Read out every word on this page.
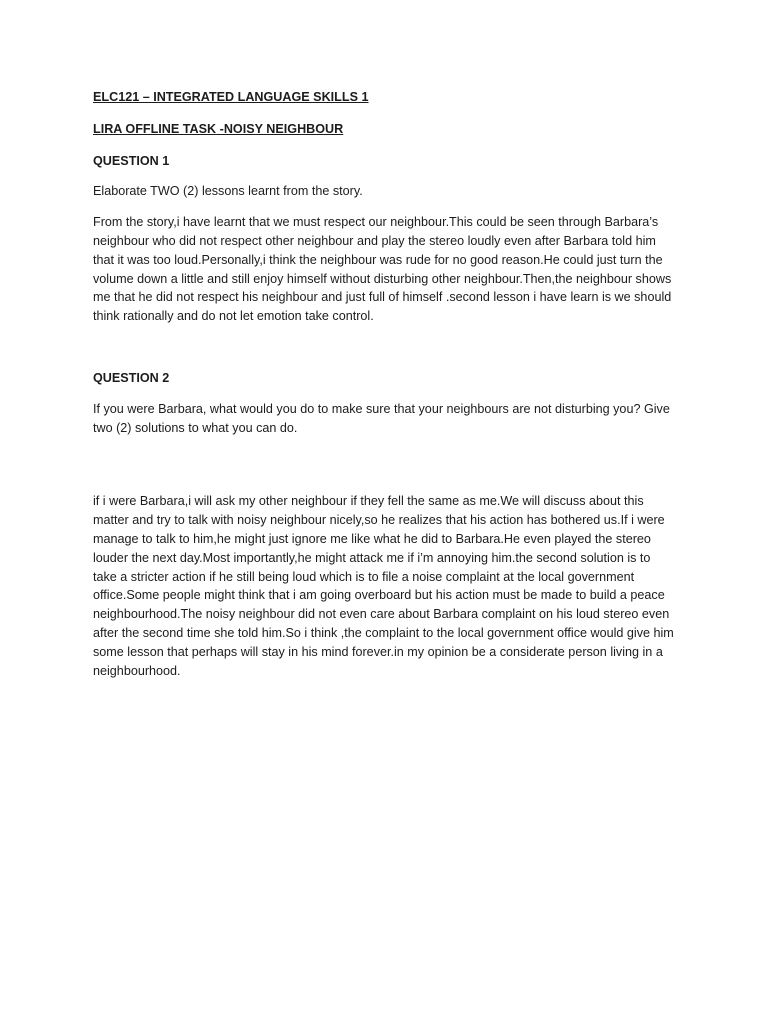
ELC121 – INTEGRATED LANGUAGE SKILLS 1

LIRA OFFLINE TASK -NOISY NEIGHBOUR

QUESTION 1

Elaborate TWO (2) lessons learnt from the story.

From the story,i have learnt that we must respect our neighbour.This could be seen through Barbara’s neighbour who did not respect other neighbour and play the stereo loudly even after Barbara told him that it was too loud.Personally,i think the neighbour was rude for no good reason.He could just turn the volume down a little and still enjoy himself without disturbing other neighbour.Then,the neighbour shows me that he did not respect his neighbour and just full of himself .second lesson i have learn is we should think rationally and do not let emotion take control.

QUESTION 2

If you were Barbara, what would you do to make sure that your neighbours are not disturbing you? Give two (2) solutions to what you can do.

if i were Barbara,i will ask my other neighbour if they fell the same as me.We will discuss about this matter and try to talk with noisy neighbour nicely,so he realizes that his action has bothered us.If i were manage to talk to him,he might just ignore me like what he did to Barbara.He even played the stereo louder the next day.Most importantly,he might attack me if i’m annoying him.the second solution is to take a stricter action if he still being loud which is to file a noise complaint at the local government office.Some people might think that i am going overboard but his action must be made to build a peace neighbourhood.The noisy neighbour did not even care about Barbara complaint on his loud stereo even after the second time she told him.So i think ,the complaint to the local government office would give him some lesson that perhaps will stay in his mind forever.in my opinion be a considerate person living in a neighbourhood.
